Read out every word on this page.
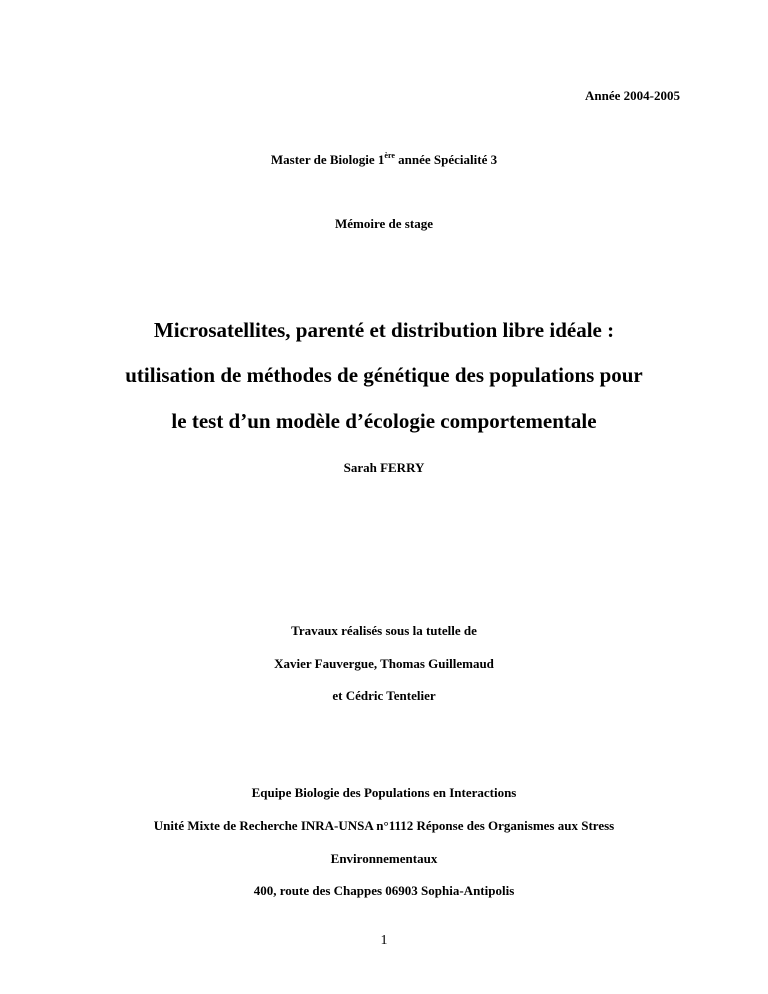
Année 2004-2005
Master de Biologie 1ère année Spécialité 3
Mémoire de stage
Microsatellites, parenté et distribution libre idéale :
utilisation de méthodes de génétique des populations pour
le test d’un modèle d’écologie comportementale
Sarah FERRY
Travaux réalisés sous la tutelle de
Xavier Fauvergue, Thomas Guillemaud
et Cédric Tentelier
Equipe Biologie des Populations en Interactions
Unité Mixte de Recherche INRA-UNSA n°1112 Réponse des Organismes aux Stress
Environnementaux
400, route des Chappes 06903 Sophia-Antipolis
1
